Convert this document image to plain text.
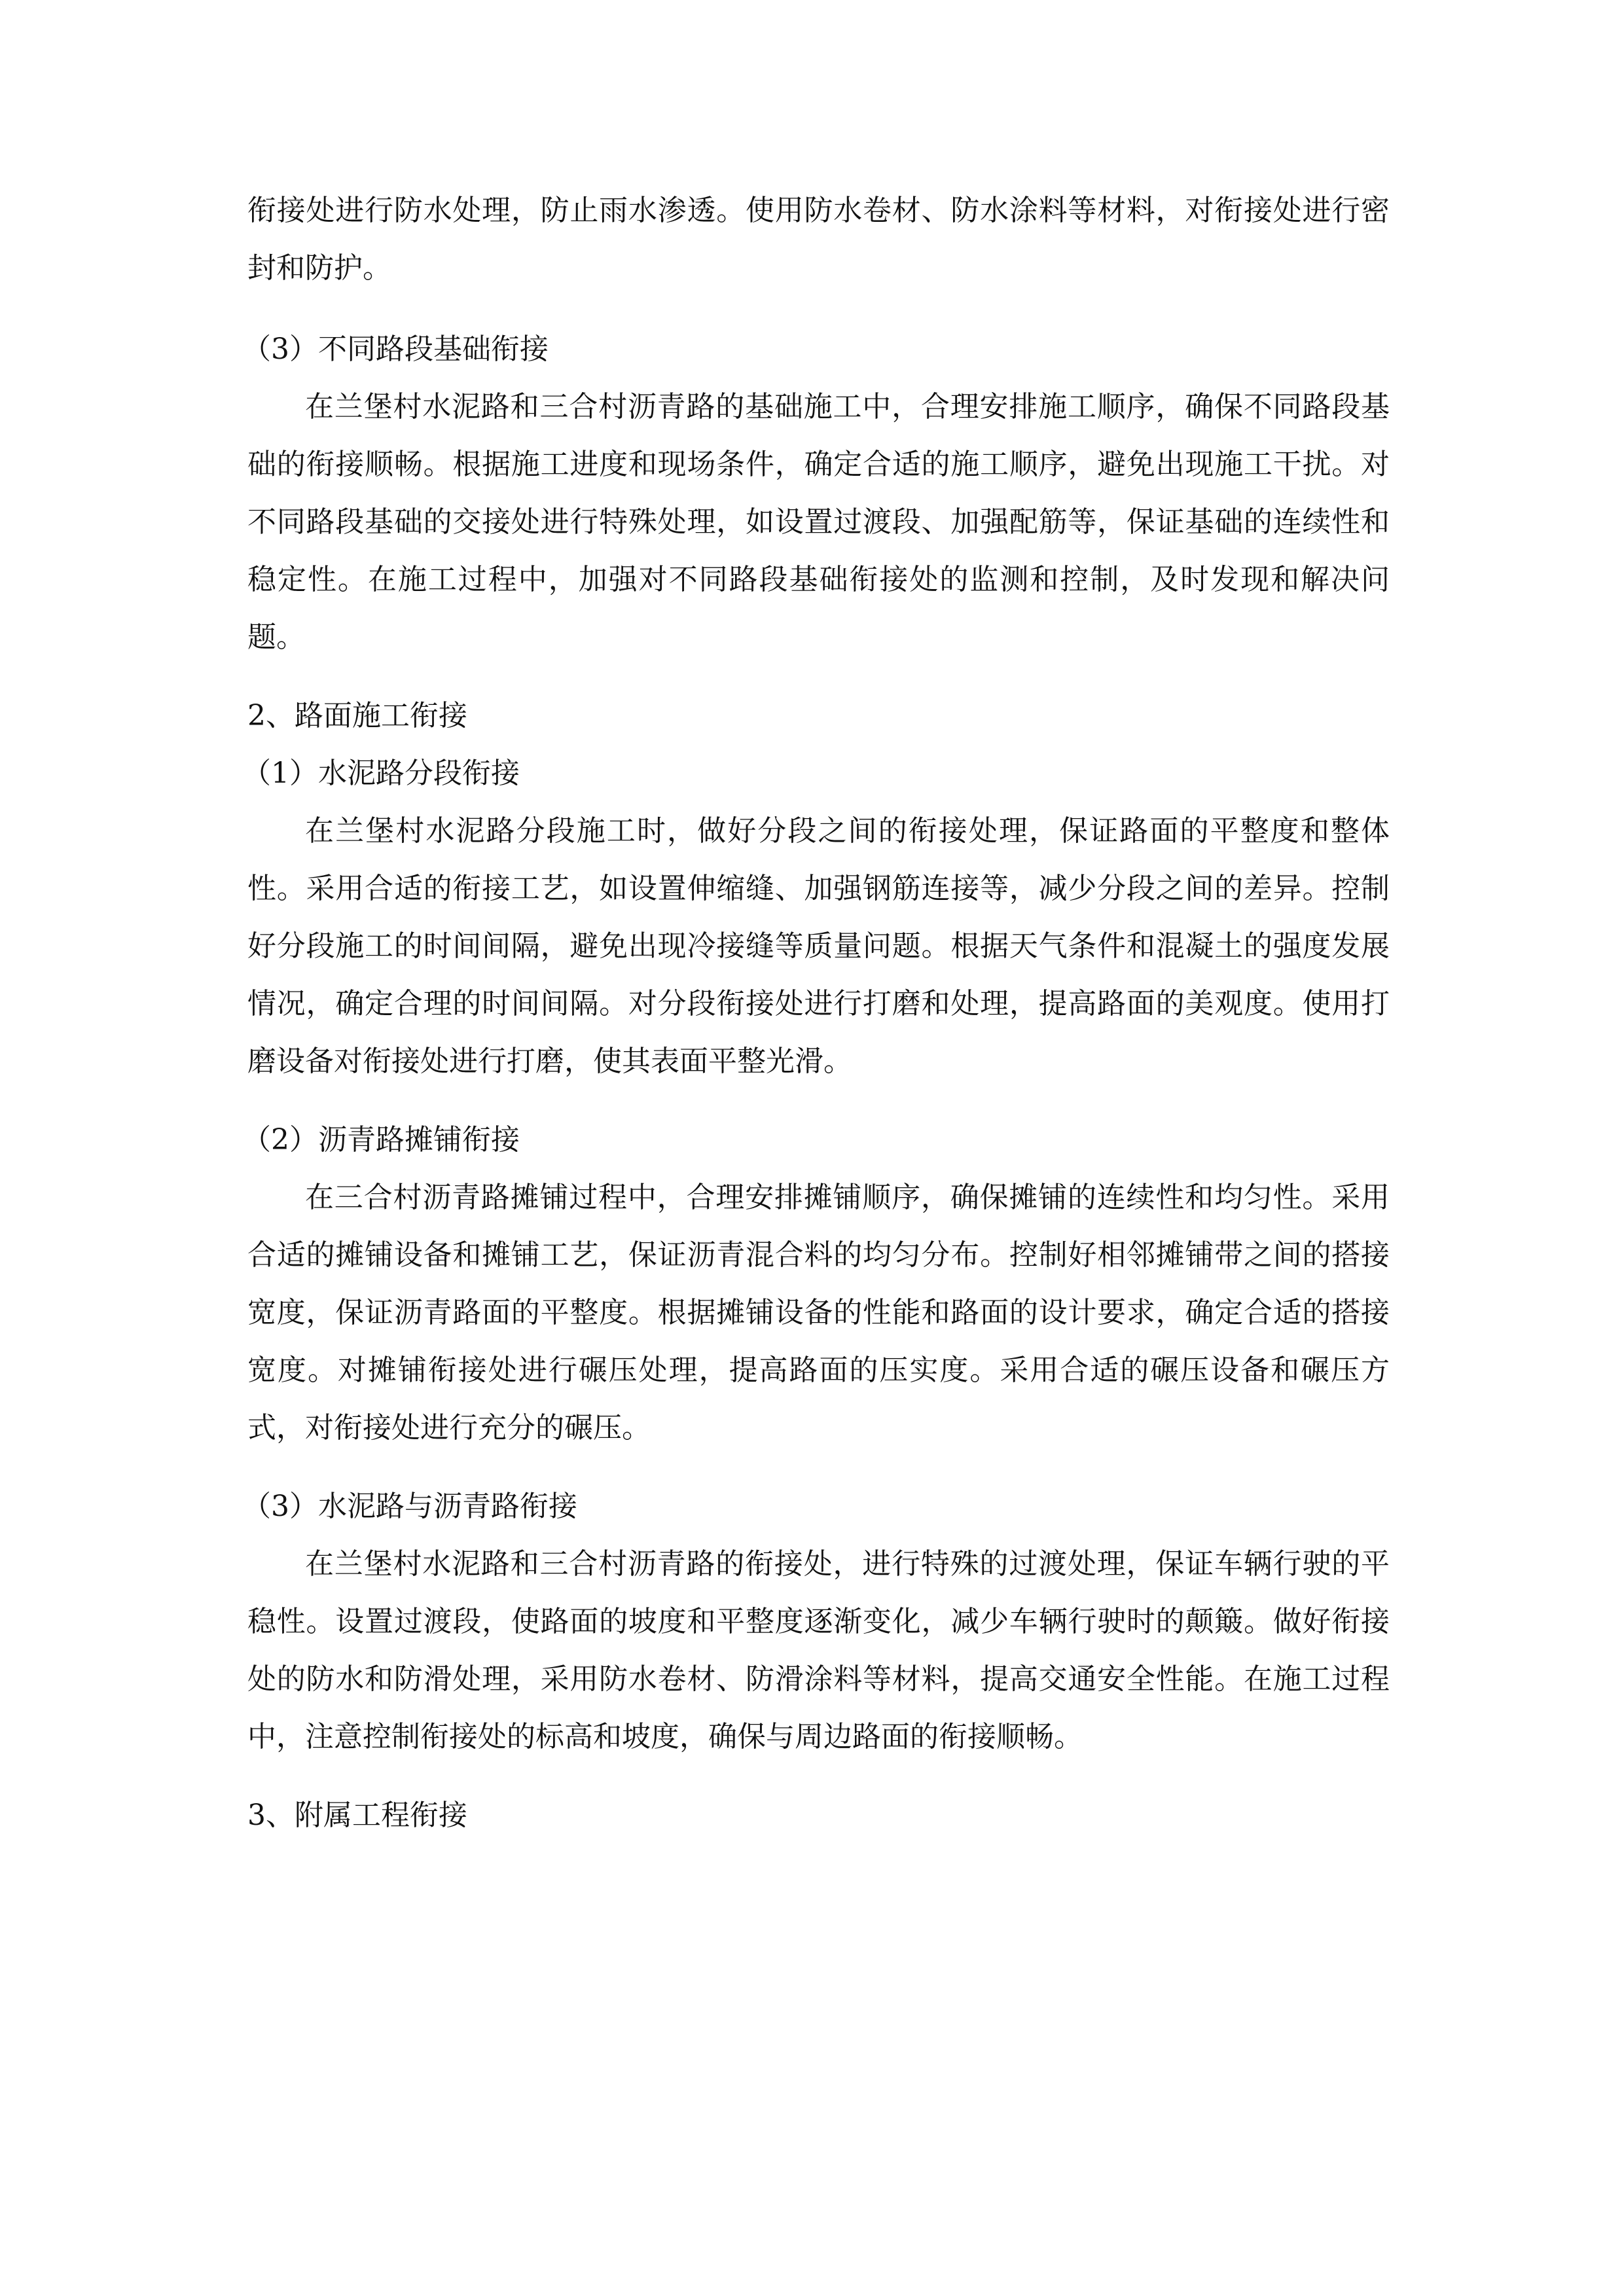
衔接处进行防水处理，防止雨水渗透。使用防水卷材、防水涂料等材料，对衔接处进行密封和防护。

（3）不同路段基础衔接

在兰堡村水泥路和三合村沥青路的基础施工中，合理安排施工顺序，确保不同路段基础的衔接顺畅。根据施工进度和现场条件，确定合适的施工顺序，避免出现施工干扰。对不同路段基础的交接处进行特殊处理，如设置过渡段、加强配筋等，保证基础的连续性和稳定性。在施工过程中，加强对不同路段基础衔接处的监测和控制，及时发现和解决问题。

2、路面施工衔接

（1）水泥路分段衔接

在兰堡村水泥路分段施工时，做好分段之间的衔接处理，保证路面的平整度和整体性。采用合适的衔接工艺，如设置伸缩缝、加强钢筋连接等，减少分段之间的差异。控制好分段施工的时间间隔，避免出现冷接缝等质量问题。根据天气条件和混凝土的强度发展情况，确定合理的时间间隔。对分段衔接处进行打磨和处理，提高路面的美观度。使用打磨设备对衔接处进行打磨，使其表面平整光滑。

（2）沥青路摊铺衔接

在三合村沥青路摊铺过程中，合理安排摊铺顺序，确保摊铺的连续性和均匀性。采用合适的摊铺设备和摊铺工艺，保证沥青混合料的均匀分布。控制好相邻摊铺带之间的搭接宽度，保证沥青路面的平整度。根据摊铺设备的性能和路面的设计要求，确定合适的搭接宽度。对摊铺衔接处进行碾压处理，提高路面的压实度。采用合适的碾压设备和碾压方式，对衔接处进行充分的碾压。

（3）水泥路与沥青路衔接

在兰堡村水泥路和三合村沥青路的衔接处，进行特殊的过渡处理，保证车辆行驶的平稳性。设置过渡段，使路面的坡度和平整度逐渐变化，减少车辆行驶时的颠簸。做好衔接处的防水和防滑处理，采用防水卷材、防滑涂料等材料，提高交通安全性能。在施工过程中，注意控制衔接处的标高和坡度，确保与周边路面的衔接顺畅。

3、附属工程衔接
